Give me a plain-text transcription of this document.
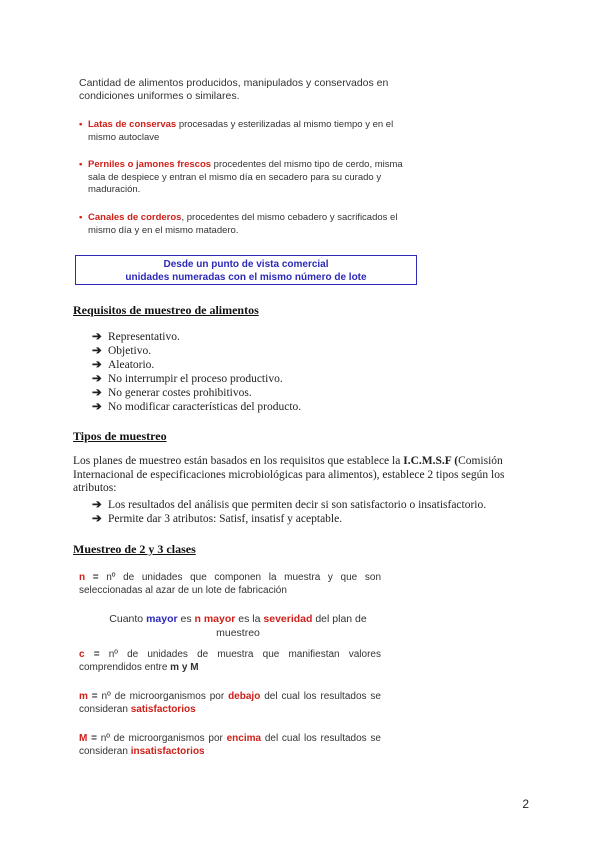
Cantidad de alimentos producidos, manipulados y conservados en condiciones uniformes o similares.
• Latas de conservas procesadas y esterilizadas al mismo tiempo y en el mismo autoclave
• Perniles o jamones frescos procedentes del mismo tipo de cerdo, misma sala de despiece y entran el mismo día en secadero para su curado y maduración.
• Canales de corderos, procedentes del mismo cebadero y sacrificados el mismo día y en el mismo matadero.
Desde un punto de vista comercial
unidades numeradas con el mismo número de lote
Requisitos de muestreo de alimentos
➔ Representativo.
➔ Objetivo.
➔ Aleatorio.
➔ No interrumpir el proceso productivo.
➔ No generar costes prohibitivos.
➔ No modificar características del producto.
Tipos de muestreo
Los planes de muestreo están basados en los requisitos que establece la I.C.M.S.F (Comisión Internacional de especificaciones microbiológicas para alimentos), establece 2 tipos según los atributos:
➔ Los resultados del análisis que permiten decir si son satisfactorio o insatisfactorio.
➔ Permite dar 3 atributos: Satisf, insatisf y aceptable.
Muestreo de 2 y 3 clases
n = nº de unidades que componen la muestra y que son seleccionadas al azar de un lote de fabricación
Cuanto mayor es n mayor es la severidad del plan de muestreo
c = nº de unidades de muestra que manifiestan valores comprendidos entre m y M
m = nº de microorganismos por debajo del cual los resultados se consideran satisfactorios
M = nº de microorganismos por encima del cual los resultados se consideran insatisfactorios
2
